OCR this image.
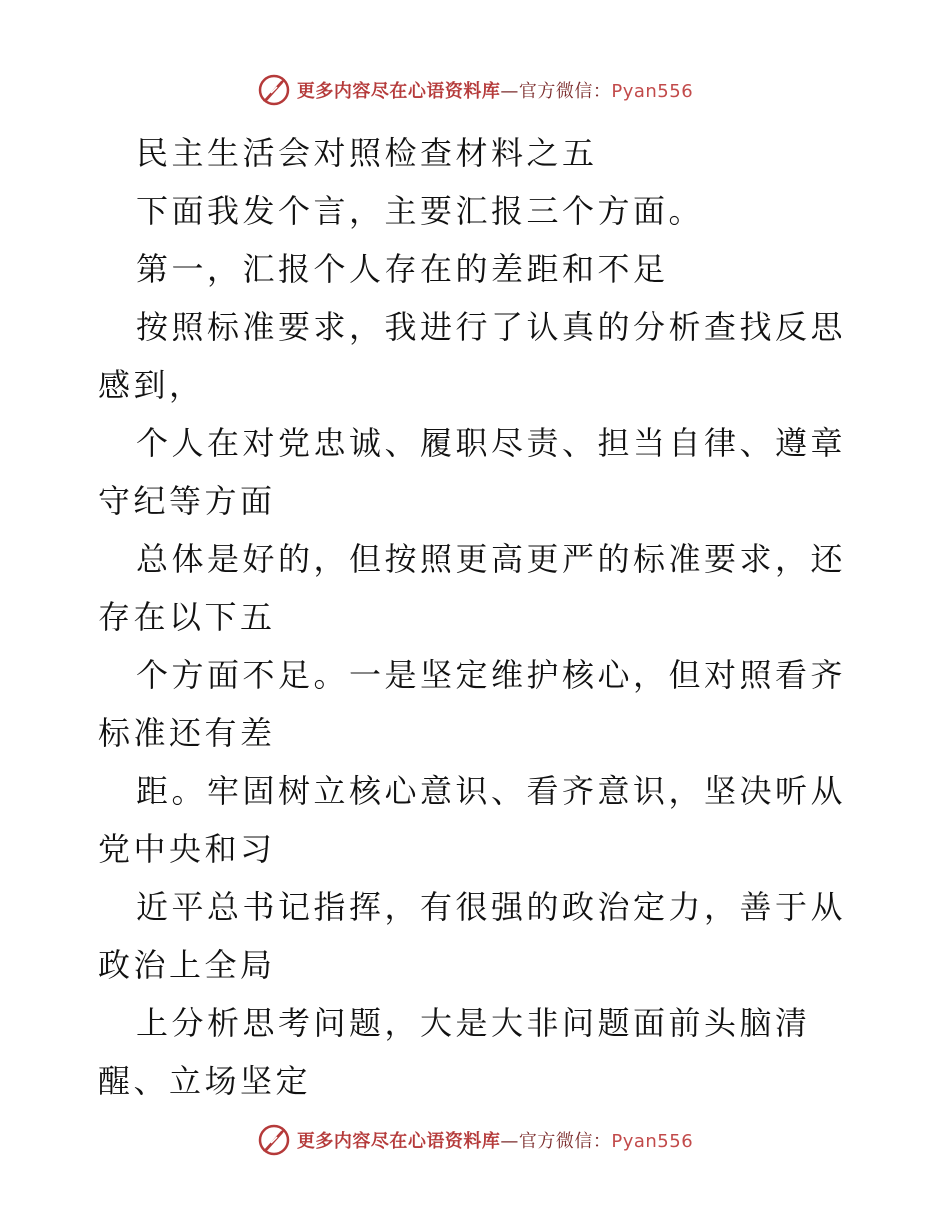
更多内容尽在心语资料库—官方微信：Pyan556

民主生活会对照检查材料之五

下面我发个言，主要汇报三个方面。

第一，汇报个人存在的差距和不足

按照标准要求，我进行了认真的分析查找反思感到，

个人在对党忠诚、履职尽责、担当自律、遵章守纪等方面

总体是好的，但按照更高更严的标准要求，还存在以下五

个方面不足。一是坚定维护核心，但对照看齐标准还有差

距。牢固树立核心意识、看齐意识，坚决听从党中央和习

近平总书记指挥，有很强的政治定力，善于从政治上全局

上分析思考问题，大是大非问题面前头脑清醒、立场坚定

更多内容尽在心语资料库—官方微信：Pyan556
